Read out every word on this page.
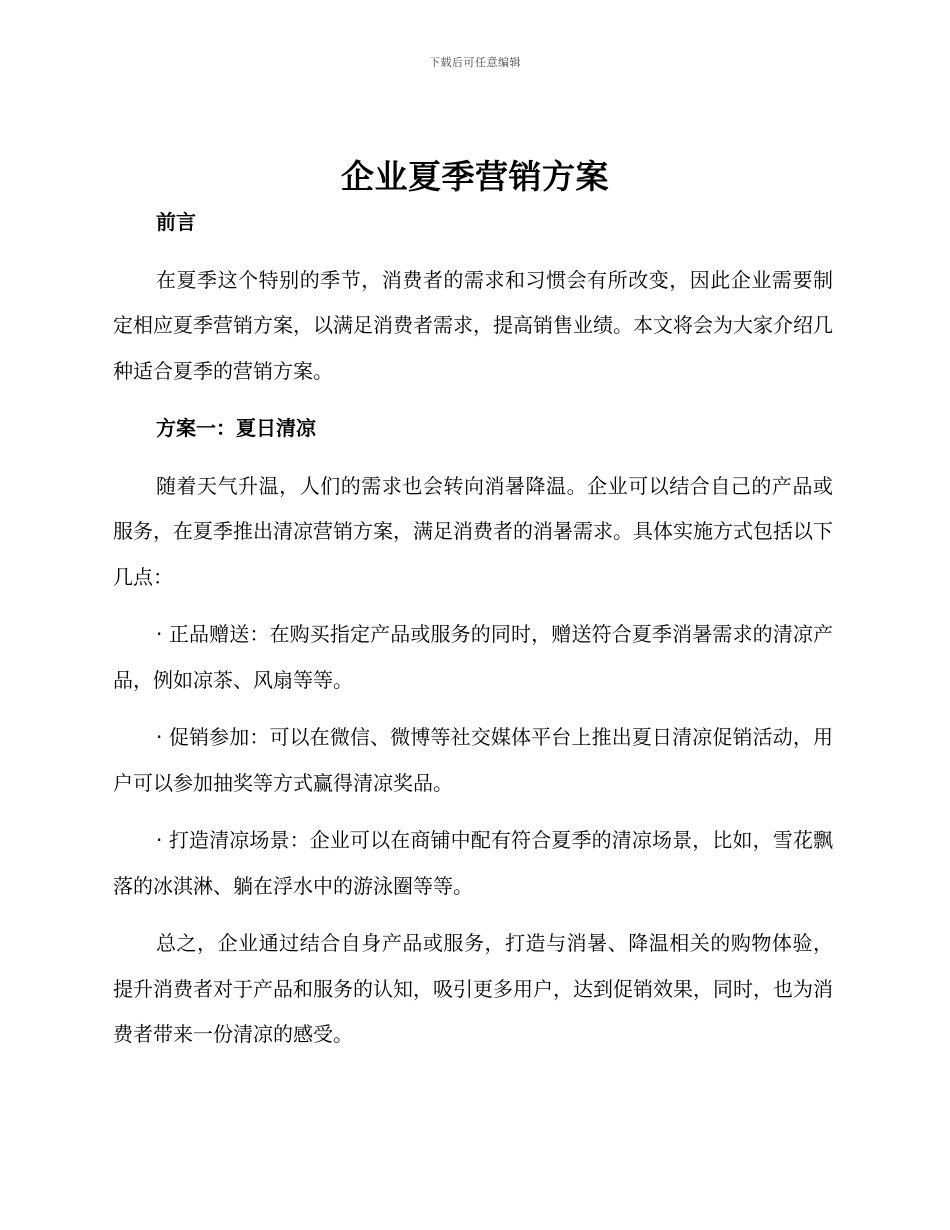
下载后可任意编辑
企业夏季营销方案
前言

在夏季这个特别的季节，消费者的需求和习惯会有所改变，因此企业需要制定相应夏季营销方案，以满足消费者需求，提高销售业绩。本文将会为大家介绍几种适合夏季的营销方案。

方案一：夏日清凉

随着天气升温，人们的需求也会转向消暑降温。企业可以结合自己的产品或服务，在夏季推出清凉营销方案，满足消费者的消暑需求。具体实施方式包括以下几点：

· 正品赠送：在购买指定产品或服务的同时，赠送符合夏季消暑需求的清凉产品，例如凉茶、风扇等等。

· 促销参加：可以在微信、微博等社交媒体平台上推出夏日清凉促销活动，用户可以参加抽奖等方式赢得清凉奖品。

· 打造清凉场景：企业可以在商铺中配有符合夏季的清凉场景，比如，雪花飘落的冰淇淋、躺在浮水中的游泳圈等等。

总之，企业通过结合自身产品或服务，打造与消暑、降温相关的购物体验，提升消费者对于产品和服务的认知，吸引更多用户，达到促销效果，同时，也为消费者带来一份清凉的感受。
